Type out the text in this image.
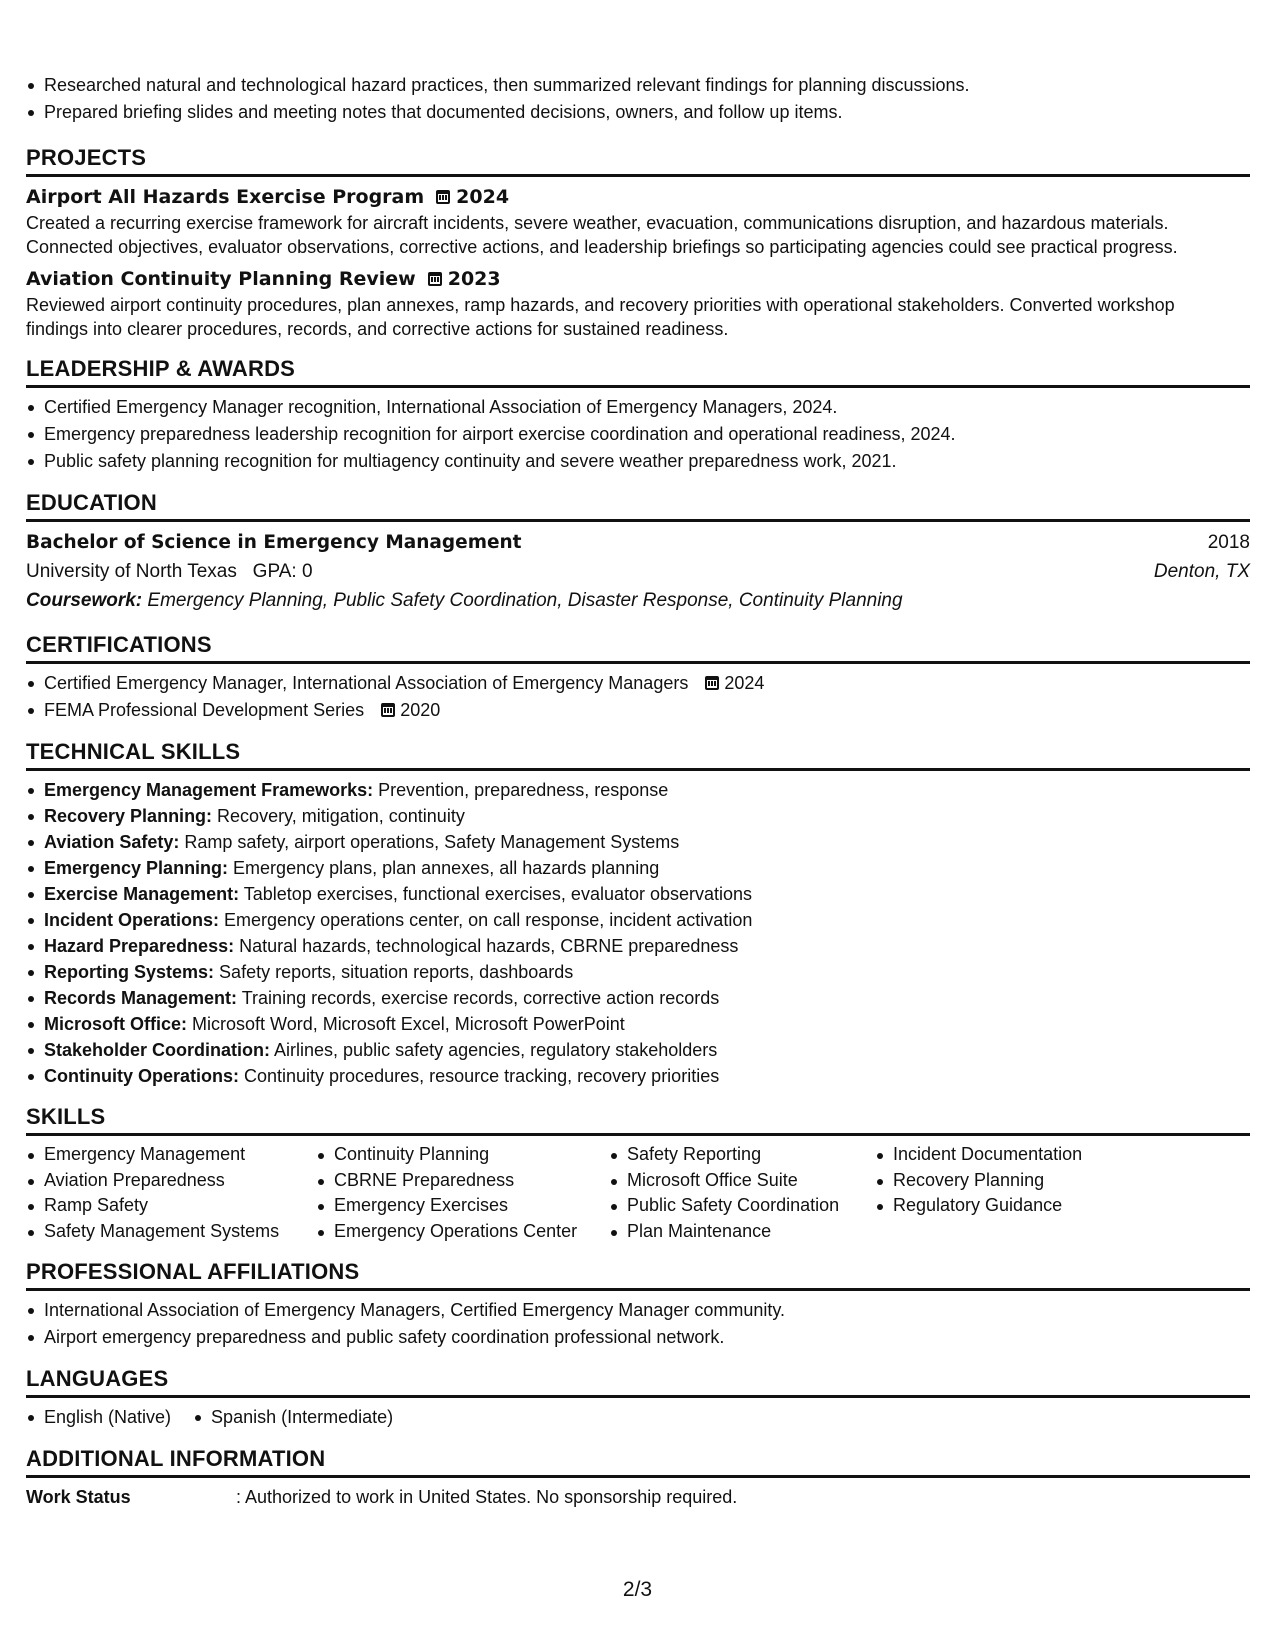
Researched natural and technological hazard practices, then summarized relevant findings for planning discussions.
Prepared briefing slides and meeting notes that documented decisions, owners, and follow up items.
PROJECTS
Airport All Hazards Exercise Program 2024
Created a recurring exercise framework for aircraft incidents, severe weather, evacuation, communications disruption, and hazardous materials.
Connected objectives, evaluator observations, corrective actions, and leadership briefings so participating agencies could see practical progress.
Aviation Continuity Planning Review 2023
Reviewed airport continuity procedures, plan annexes, ramp hazards, and recovery priorities with operational stakeholders. Converted workshop
findings into clearer procedures, records, and corrective actions for sustained readiness.
LEADERSHIP & AWARDS
Certified Emergency Manager recognition, International Association of Emergency Managers, 2024.
Emergency preparedness leadership recognition for airport exercise coordination and operational readiness, 2024.
Public safety planning recognition for multiagency continuity and severe weather preparedness work, 2021.
EDUCATION
Bachelor of Science in Emergency Management	2018
University of North Texas   GPA: 0	Denton, TX
Coursework: Emergency Planning, Public Safety Coordination, Disaster Response, Continuity Planning
CERTIFICATIONS
Certified Emergency Manager, International Association of Emergency Managers 2024
FEMA Professional Development Series 2020
TECHNICAL SKILLS
Emergency Management Frameworks: Prevention, preparedness, response
Recovery Planning: Recovery, mitigation, continuity
Aviation Safety: Ramp safety, airport operations, Safety Management Systems
Emergency Planning: Emergency plans, plan annexes, all hazards planning
Exercise Management: Tabletop exercises, functional exercises, evaluator observations
Incident Operations: Emergency operations center, on call response, incident activation
Hazard Preparedness: Natural hazards, technological hazards, CBRNE preparedness
Reporting Systems: Safety reports, situation reports, dashboards
Records Management: Training records, exercise records, corrective action records
Microsoft Office: Microsoft Word, Microsoft Excel, Microsoft PowerPoint
Stakeholder Coordination: Airlines, public safety agencies, regulatory stakeholders
Continuity Operations: Continuity procedures, resource tracking, recovery priorities
SKILLS
Emergency Management
Aviation Preparedness
Ramp Safety
Safety Management Systems
Continuity Planning
CBRNE Preparedness
Emergency Exercises
Emergency Operations Center
Safety Reporting
Microsoft Office Suite
Public Safety Coordination
Plan Maintenance
Incident Documentation
Recovery Planning
Regulatory Guidance
PROFESSIONAL AFFILIATIONS
International Association of Emergency Managers, Certified Emergency Manager community.
Airport emergency preparedness and public safety coordination professional network.
LANGUAGES
English (Native)	Spanish (Intermediate)
ADDITIONAL INFORMATION
Work Status	: Authorized to work in United States. No sponsorship required.
2/3
